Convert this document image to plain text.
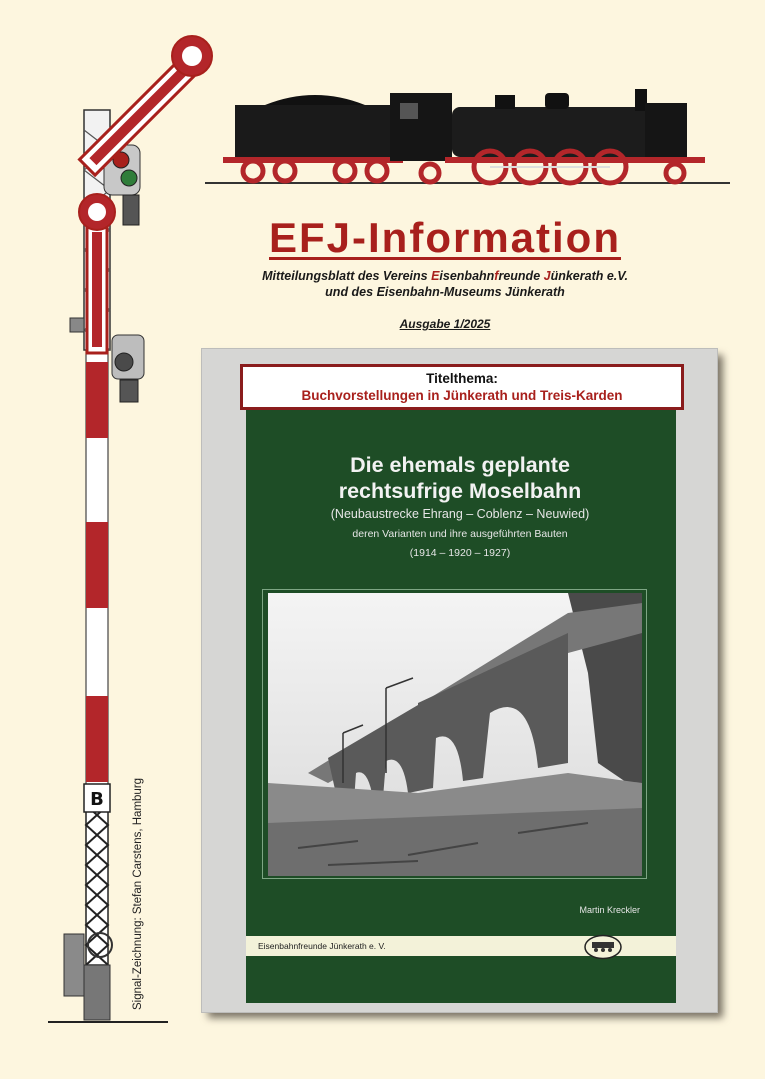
B
EFJ-Information
Mitteilungsblatt des Vereins Eisenbahnfreunde Jünkerath e.V.
und des Eisenbahn-Museums Jünkerath
Ausgabe 1/2025
Titelthema:
Buchvorstellungen in Jünkerath und Treis-Karden
Die ehemals geplante
rechtsufrige Moselbahn
(Neubaustrecke Ehrang – Coblenz – Neuwied)
deren Varianten und ihre ausgeführten Bauten
(1914 – 1920 – 1927)
Martin Kreckler
Eisenbahnfreunde Jünkerath e. V.
Signal-Zeichnung: Stefan Carstens, Hamburg
